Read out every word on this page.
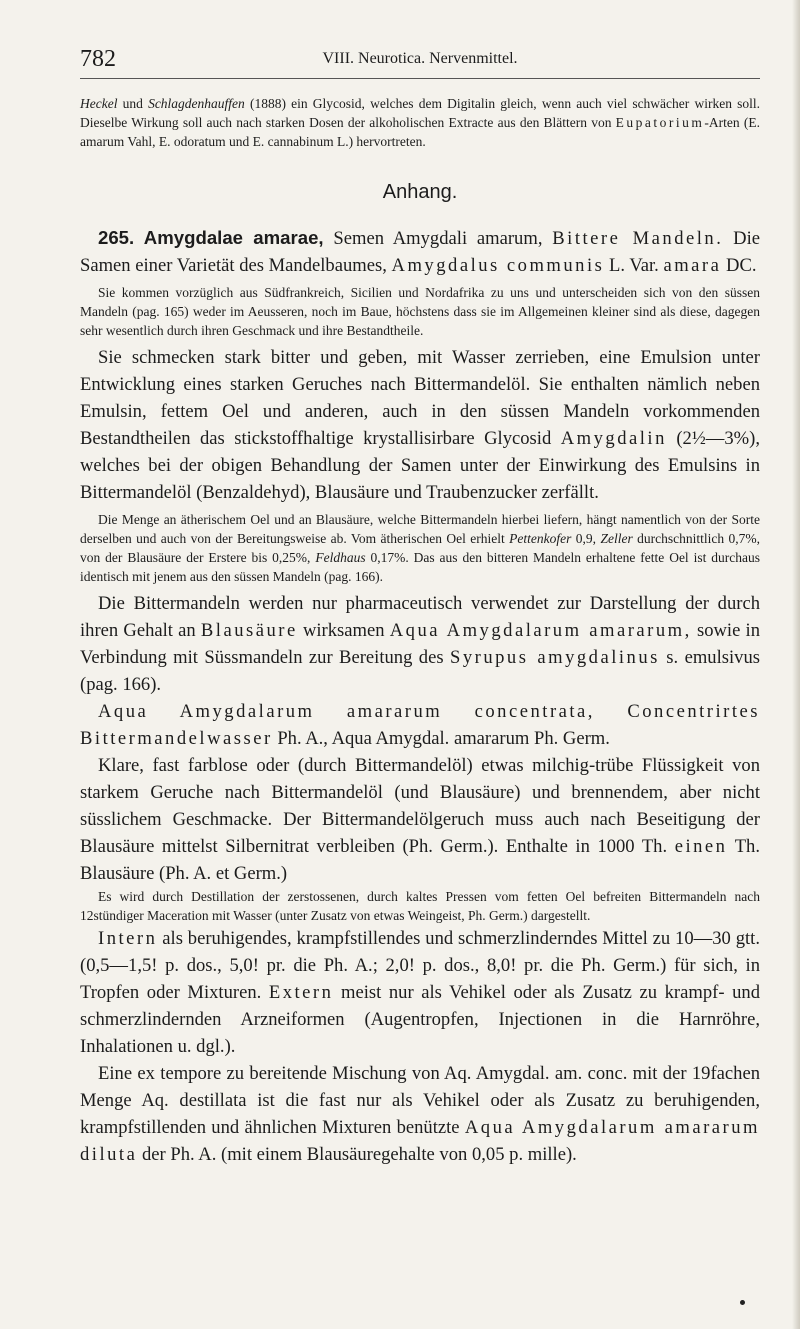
782	VIII. Neurotica. Nervenmittel.

Heckel und Schlagdenhauffen (1888) ein Glycosid, welches dem Digitalin gleich, wenn auch viel schwächer wirken soll. Dieselbe Wirkung soll auch nach starken Dosen der alkoholischen Extracte aus den Blättern von Eupatorium-Arten (E. amarum Vahl, E. odoratum und E. cannabinum L.) hervortreten.

Anhang.

265. Amygdalae amarae, Semen Amygdali amarum, Bittere Mandeln. Die Samen einer Varietät des Mandelbaumes, Amygdalus communis L. Var. amara DC.

Sie kommen vorzüglich aus Südfrankreich, Sicilien und Nordafrika zu uns und unterscheiden sich von den süssen Mandeln (pag. 165) weder im Aeusseren, noch im Baue, höchstens dass sie im Allgemeinen kleiner sind als diese, dagegen sehr wesentlich durch ihren Geschmack und ihre Bestandtheile.

Sie schmecken stark bitter und geben, mit Wasser zerrieben, eine Emulsion unter Entwicklung eines starken Geruches nach Bittermandelöl. Sie enthalten nämlich neben Emulsin, fettem Oel und anderen, auch in den süssen Mandeln vorkommenden Bestandtheilen das stickstoffhaltige krystallisirbare Glycosid Amygdalin (2½—3%), welches bei der obigen Behandlung der Samen unter der Einwirkung des Emulsins in Bittermandelöl (Benzaldehyd), Blausäure und Traubenzucker zerfällt.

Die Menge an ätherischem Oel und an Blausäure, welche Bittermandeln hierbei liefern, hängt namentlich von der Sorte derselben und auch von der Bereitungsweise ab. Vom ätherischen Oel erhielt Pettenkofer 0,9, Zeller durchschnittlich 0,7%, von der Blausäure der Erstere bis 0,25%, Feldhaus 0,17%. Das aus den bitteren Mandeln erhaltene fette Oel ist durchaus identisch mit jenem aus den süssen Mandeln (pag. 166).

Die Bittermandeln werden nur pharmaceutisch verwendet zur Darstellung der durch ihren Gehalt an Blausäure wirksamen Aqua Amygdalarum amararum, sowie in Verbindung mit Süssmandeln zur Bereitung des Syrupus amygdalinus s. emulsivus (pag. 166).

Aqua Amygdalarum amararum concentrata, Concentrirtes Bittermandelwasser Ph. A., Aqua Amygdal. amararum Ph. Germ.

Klare, fast farblose oder (durch Bittermandelöl) etwas milchig-trübe Flüssigkeit von starkem Geruche nach Bittermandelöl (und Blausäure) und brennendem, aber nicht süsslichem Geschmacke. Der Bittermandelölgeruch muss auch nach Beseitigung der Blausäure mittelst Silbernitrat verbleiben (Ph. Germ.). Enthalte in 1000 Th. einen Th. Blausäure (Ph. A. et Germ.)

Es wird durch Destillation der zerstossenen, durch kaltes Pressen vom fetten Oel befreiten Bittermandeln nach 12stündiger Maceration mit Wasser (unter Zusatz von etwas Weingeist, Ph. Germ.) dargestellt.

Intern als beruhigendes, krampfstillendes und schmerzlinderndes Mittel zu 10—30 gtt. (0,5—1,5! p. dos., 5,0! pr. die Ph. A.; 2,0! p. dos., 8,0! pr. die Ph. Germ.) für sich, in Tropfen oder Mixturen. Extern meist nur als Vehikel oder als Zusatz zu krampf- und schmerzlindernden Arzneiformen (Augentropfen, Injectionen in die Harnröhre, Inhalationen u. dgl.).

Eine ex tempore zu bereitende Mischung von Aq. Amygdal. am. conc. mit der 19fachen Menge Aq. destillata ist die fast nur als Vehikel oder als Zusatz zu beruhigenden, krampfstillenden und ähnlichen Mixturen benützte Aqua Amygdalarum amararum diluta der Ph. A. (mit einem Blausäuregehalte von 0,05 p. mille).
